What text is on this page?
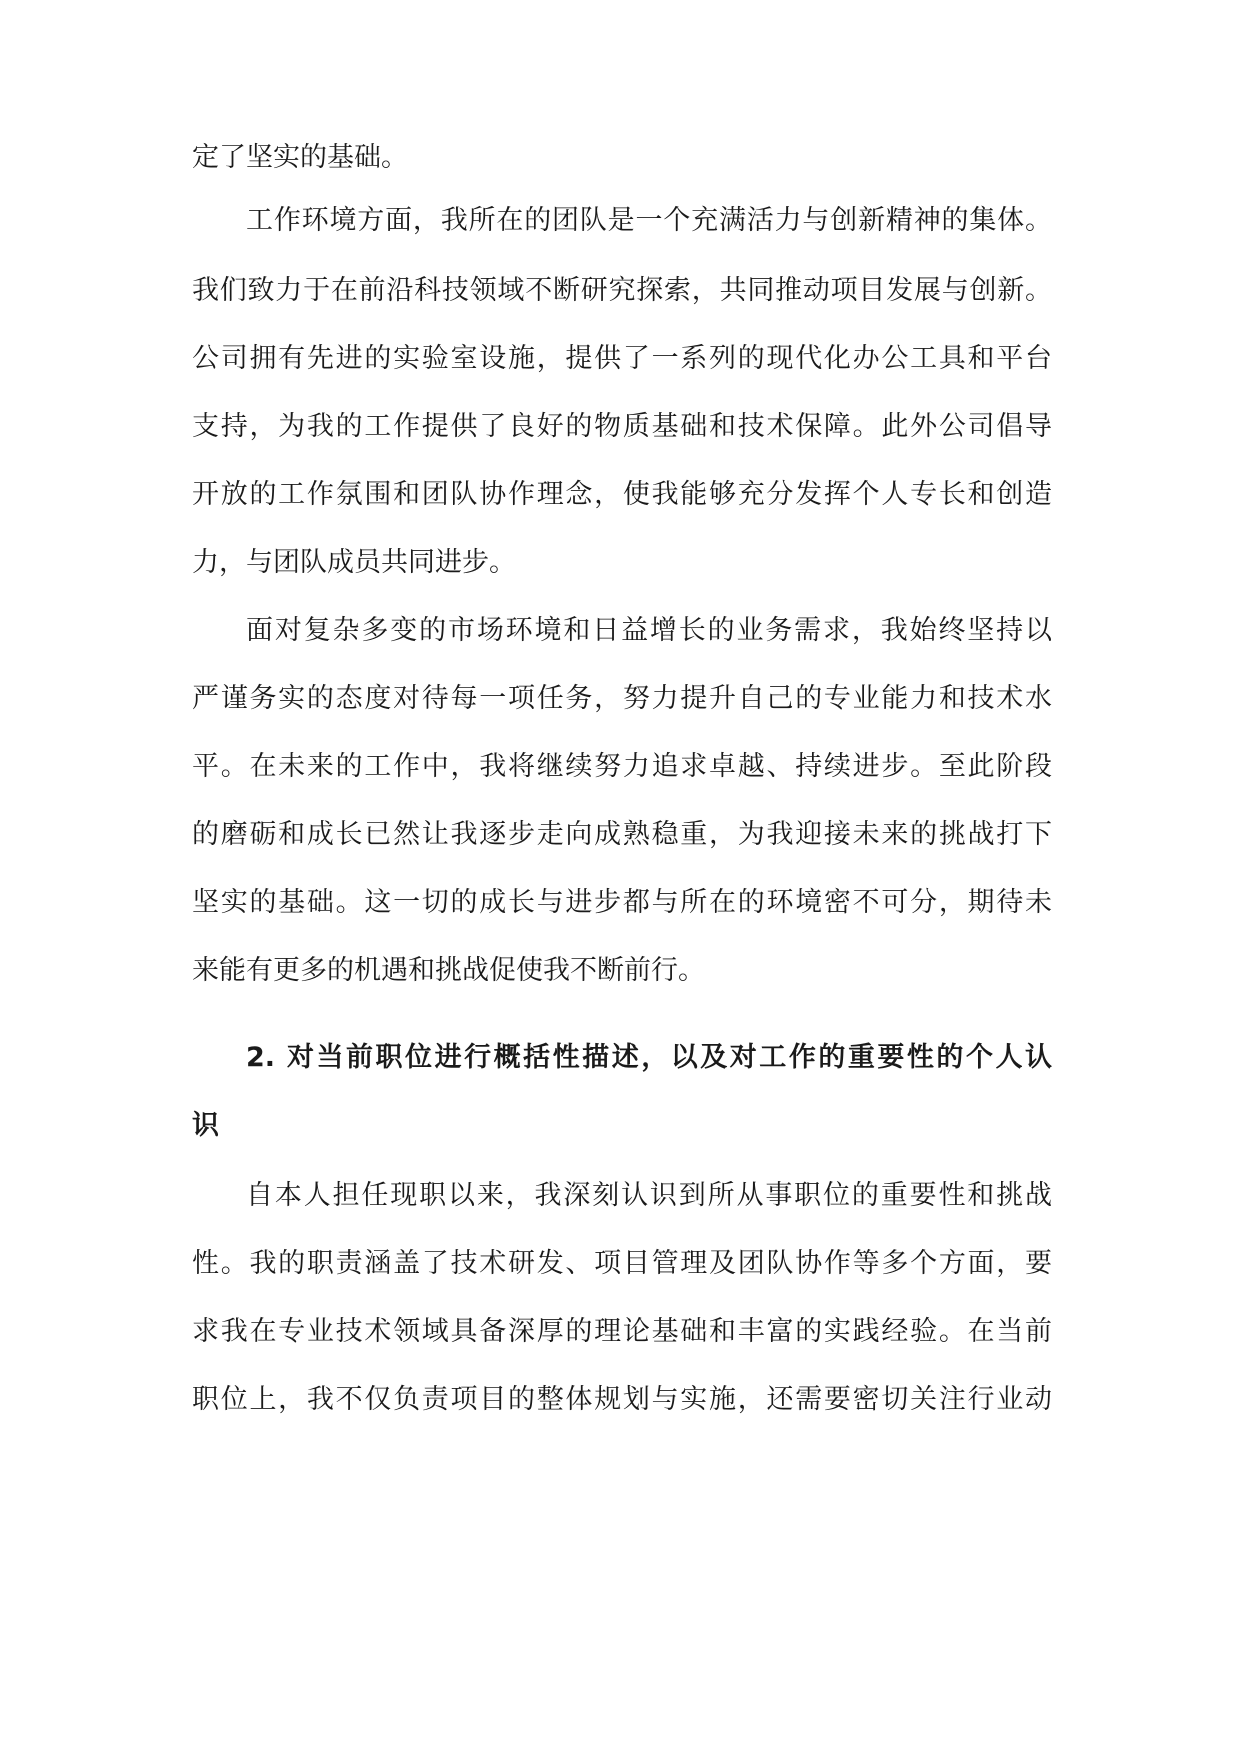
定了坚实的基础。
工作环境方面，我所在的团队是一个充满活力与创新精神的集体。
我们致力于在前沿科技领域不断研究探索，共同推动项目发展与创新。
公司拥有先进的实验室设施，提供了一系列的现代化办公工具和平台
支持，为我的工作提供了良好的物质基础和技术保障。此外公司倡导
开放的工作氛围和团队协作理念，使我能够充分发挥个人专长和创造
力，与团队成员共同进步。
面对复杂多变的市场环境和日益增长的业务需求，我始终坚持以
严谨务实的态度对待每一项任务，努力提升自己的专业能力和技术水
平。在未来的工作中，我将继续努力追求卓越、持续进步。至此阶段
的磨砺和成长已然让我逐步走向成熟稳重，为我迎接未来的挑战打下
坚实的基础。这一切的成长与进步都与所在的环境密不可分，期待未
来能有更多的机遇和挑战促使我不断前行。
2. 对当前职位进行概括性描述，以及对工作的重要性的个人认
识
自本人担任现职以来，我深刻认识到所从事职位的重要性和挑战
性。我的职责涵盖了技术研发、项目管理及团队协作等多个方面，要
求我在专业技术领域具备深厚的理论基础和丰富的实践经验。在当前
职位上，我不仅负责项目的整体规划与实施，还需要密切关注行业动
